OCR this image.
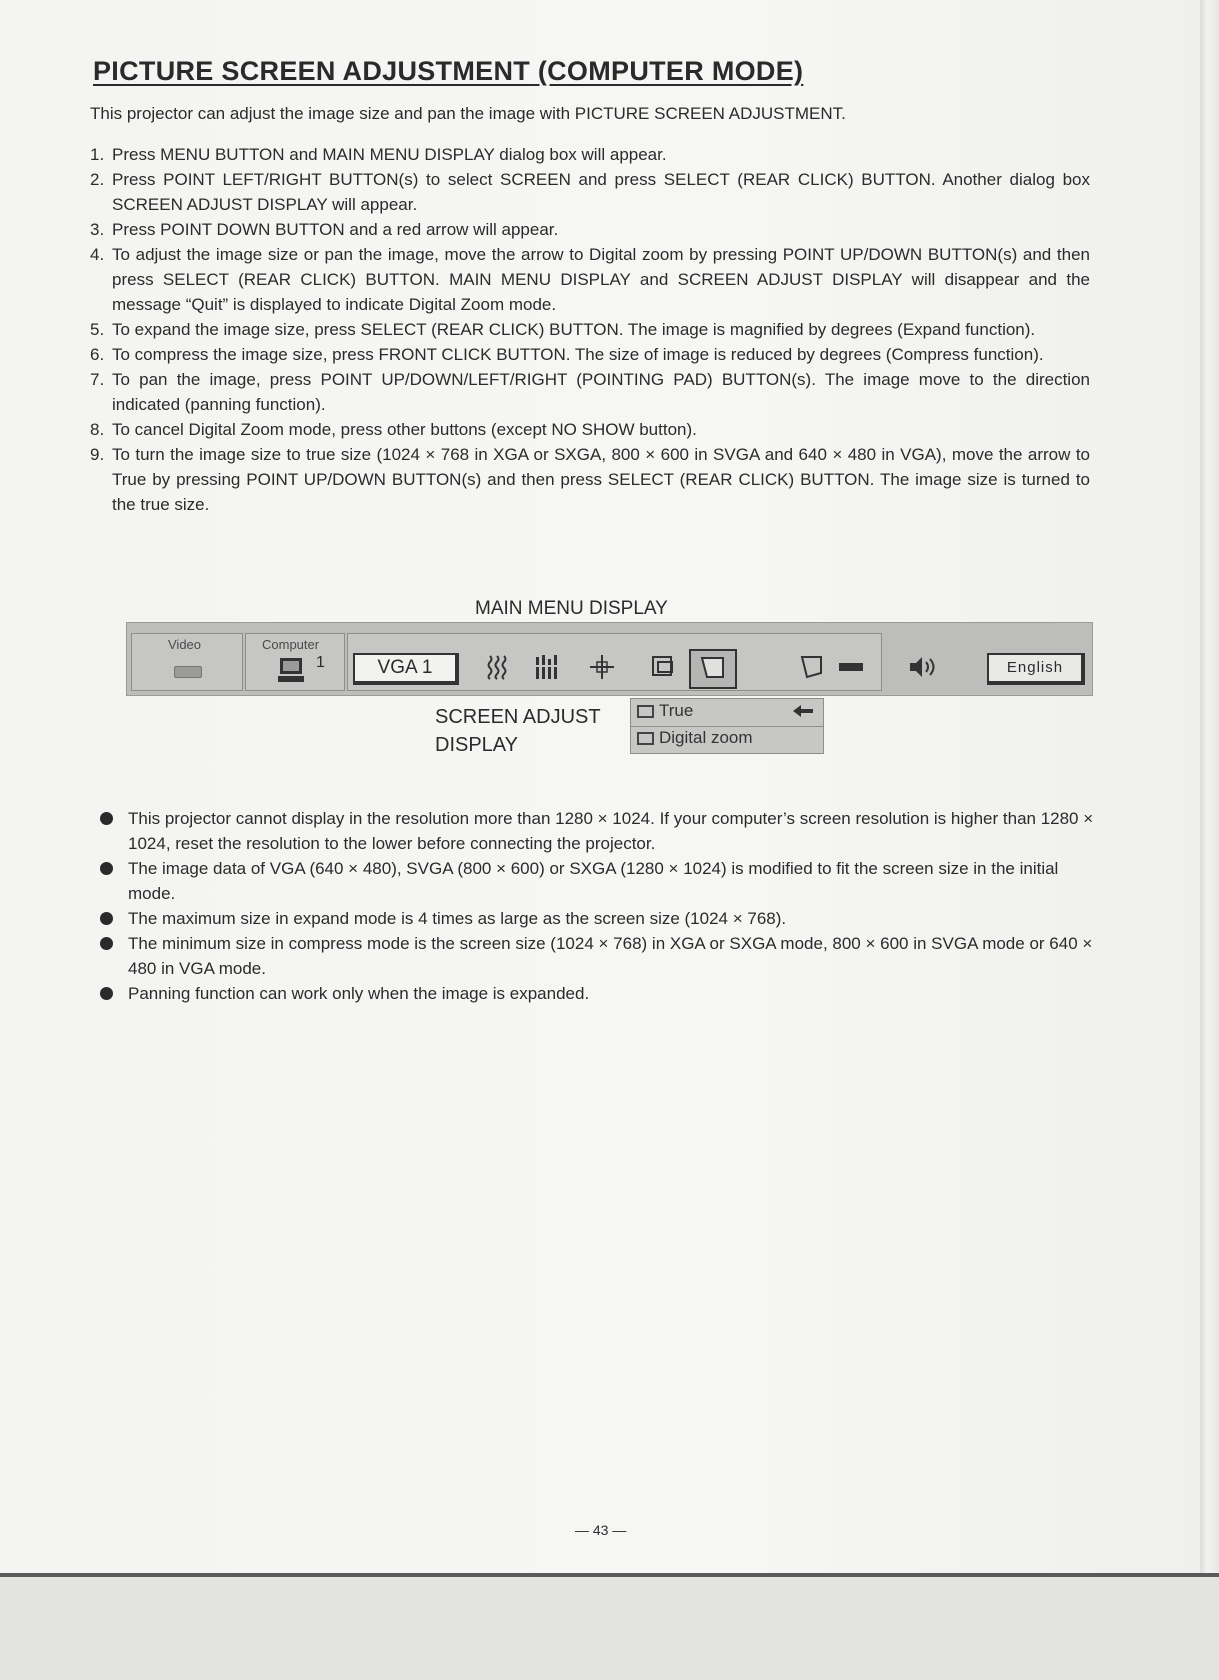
PICTURE SCREEN ADJUSTMENT (COMPUTER MODE)

This projector can adjust the image size and pan the image with PICTURE SCREEN ADJUSTMENT.

1. Press MENU BUTTON and MAIN MENU DISPLAY dialog box will appear.
2. Press POINT LEFT/RIGHT BUTTON(s) to select SCREEN and press SELECT (REAR CLICK) BUTTON. Another dialog box SCREEN ADJUST DISPLAY will appear.
3. Press POINT DOWN BUTTON and a red arrow will appear.
4. To adjust the image size or pan the image, move the arrow to Digital zoom by pressing POINT UP/DOWN BUTTON(s) and then press SELECT (REAR CLICK) BUTTON. MAIN MENU DISPLAY and SCREEN ADJUST DISPLAY will disappear and the message “Quit” is displayed to indicate Digital Zoom mode.
5. To expand the image size, press SELECT (REAR CLICK) BUTTON. The image is magnified by degrees (Expand function).
6. To compress the image size, press FRONT CLICK BUTTON. The size of image is reduced by degrees (Compress function).
7. To pan the image, press POINT UP/DOWN/LEFT/RIGHT (POINTING PAD) BUTTON(s). The image move to the direction indicated (panning function).
8. To cancel Digital Zoom mode, press other buttons (except NO SHOW button).
9. To turn the image size to true size (1024 × 768 in XGA or SXGA, 800 × 600 in SVGA and 640 × 480 in VGA), move the arrow to True by pressing POINT UP/DOWN BUTTON(s) and then press SELECT (REAR CLICK) BUTTON. The image size is turned to the true size.
MAIN MENU DISPLAY
Video	Computer
1	VGA 1	English
SCREEN ADJUST
DISPLAY
True
Digital zoom
This projector cannot display in the resolution more than 1280 × 1024. If your computer’s screen resolution is higher than 1280 × 1024, reset the resolution to the lower before connecting the projector.
The image data of VGA (640 × 480), SVGA (800 × 600) or SXGA (1280 × 1024) is modified to fit the screen size in the initial mode.
The maximum size in expand mode is 4 times as large as the screen size (1024 × 768).
The minimum size in compress mode is the screen size (1024 × 768) in XGA or SXGA mode, 800 × 600 in SVGA mode or 640 × 480 in VGA mode.
Panning function can work only when the image is expanded.
— 43 —
